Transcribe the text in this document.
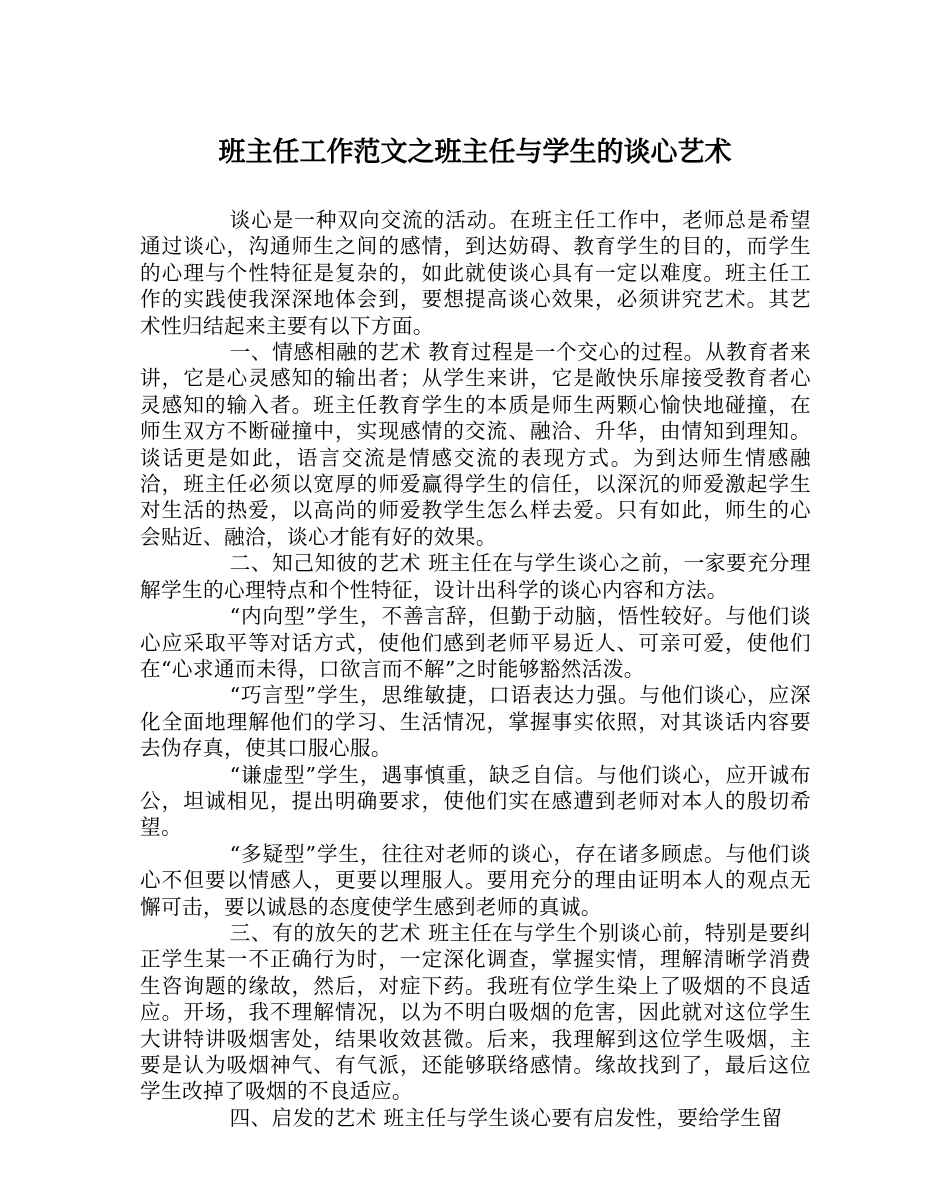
班主任工作范文之班主任与学生的谈心艺术

谈心是一种双向交流的活动。在班主任工作中，老师总是希望通过谈心，沟通师生之间的感情，到达妨碍、教育学生的目的，而学生的心理与个性特征是复杂的，如此就使谈心具有一定以难度。班主任工作的实践使我深深地体会到，要想提高谈心效果，必须讲究艺术。其艺术性归结起来主要有以下方面。

一、情感相融的艺术 教育过程是一个交心的过程。从教育者来讲，它是心灵感知的输出者；从学生来讲，它是敞快乐扉接受教育者心灵感知的输入者。班主任教育学生的本质是师生两颗心愉快地碰撞，在师生双方不断碰撞中，实现感情的交流、融洽、升华，由情知到理知。谈话更是如此，语言交流是情感交流的表现方式。为到达师生情感融洽，班主任必须以宽厚的师爱赢得学生的信任，以深沉的师爱激起学生对生活的热爱，以高尚的师爱教学生怎么样去爱。只有如此，师生的心会贴近、融洽，谈心才能有好的效果。

二、知己知彼的艺术 班主任在与学生谈心之前，一家要充分理解学生的心理特点和个性特征，设计出科学的谈心内容和方法。

“内向型”学生，不善言辞，但勤于动脑，悟性较好。与他们谈心应采取平等对话方式，使他们感到老师平易近人、可亲可爱，使他们在“心求通而未得，口欲言而不解”之时能够豁然活泼。

“巧言型”学生，思维敏捷，口语表达力强。与他们谈心，应深化全面地理解他们的学习、生活情况，掌握事实依照，对其谈话内容要去伪存真，使其口服心服。

“谦虚型”学生，遇事慎重，缺乏自信。与他们谈心，应开诚布公，坦诚相见，提出明确要求，使他们实在感遭到老师对本人的殷切希望。

“多疑型”学生，往往对老师的谈心，存在诸多顾虑。与他们谈心不但要以情感人，更要以理服人。要用充分的理由证明本人的观点无懈可击，要以诚恳的态度使学生感到老师的真诚。

三、有的放矢的艺术 班主任在与学生个别谈心前，特别是要纠正学生某一不正确行为时，一定深化调查，掌握实情，理解清晰学消费生咨询题的缘故，然后，对症下药。我班有位学生染上了吸烟的不良适应。开场，我不理解情况，以为不明白吸烟的危害，因此就对这位学生大讲特讲吸烟害处，结果收效甚微。后来，我理解到这位学生吸烟，主要是认为吸烟神气、有气派，还能够联络感情。缘故找到了，最后这位学生改掉了吸烟的不良适应。

四、启发的艺术 班主任与学生谈心要有启发性，要给学生留
